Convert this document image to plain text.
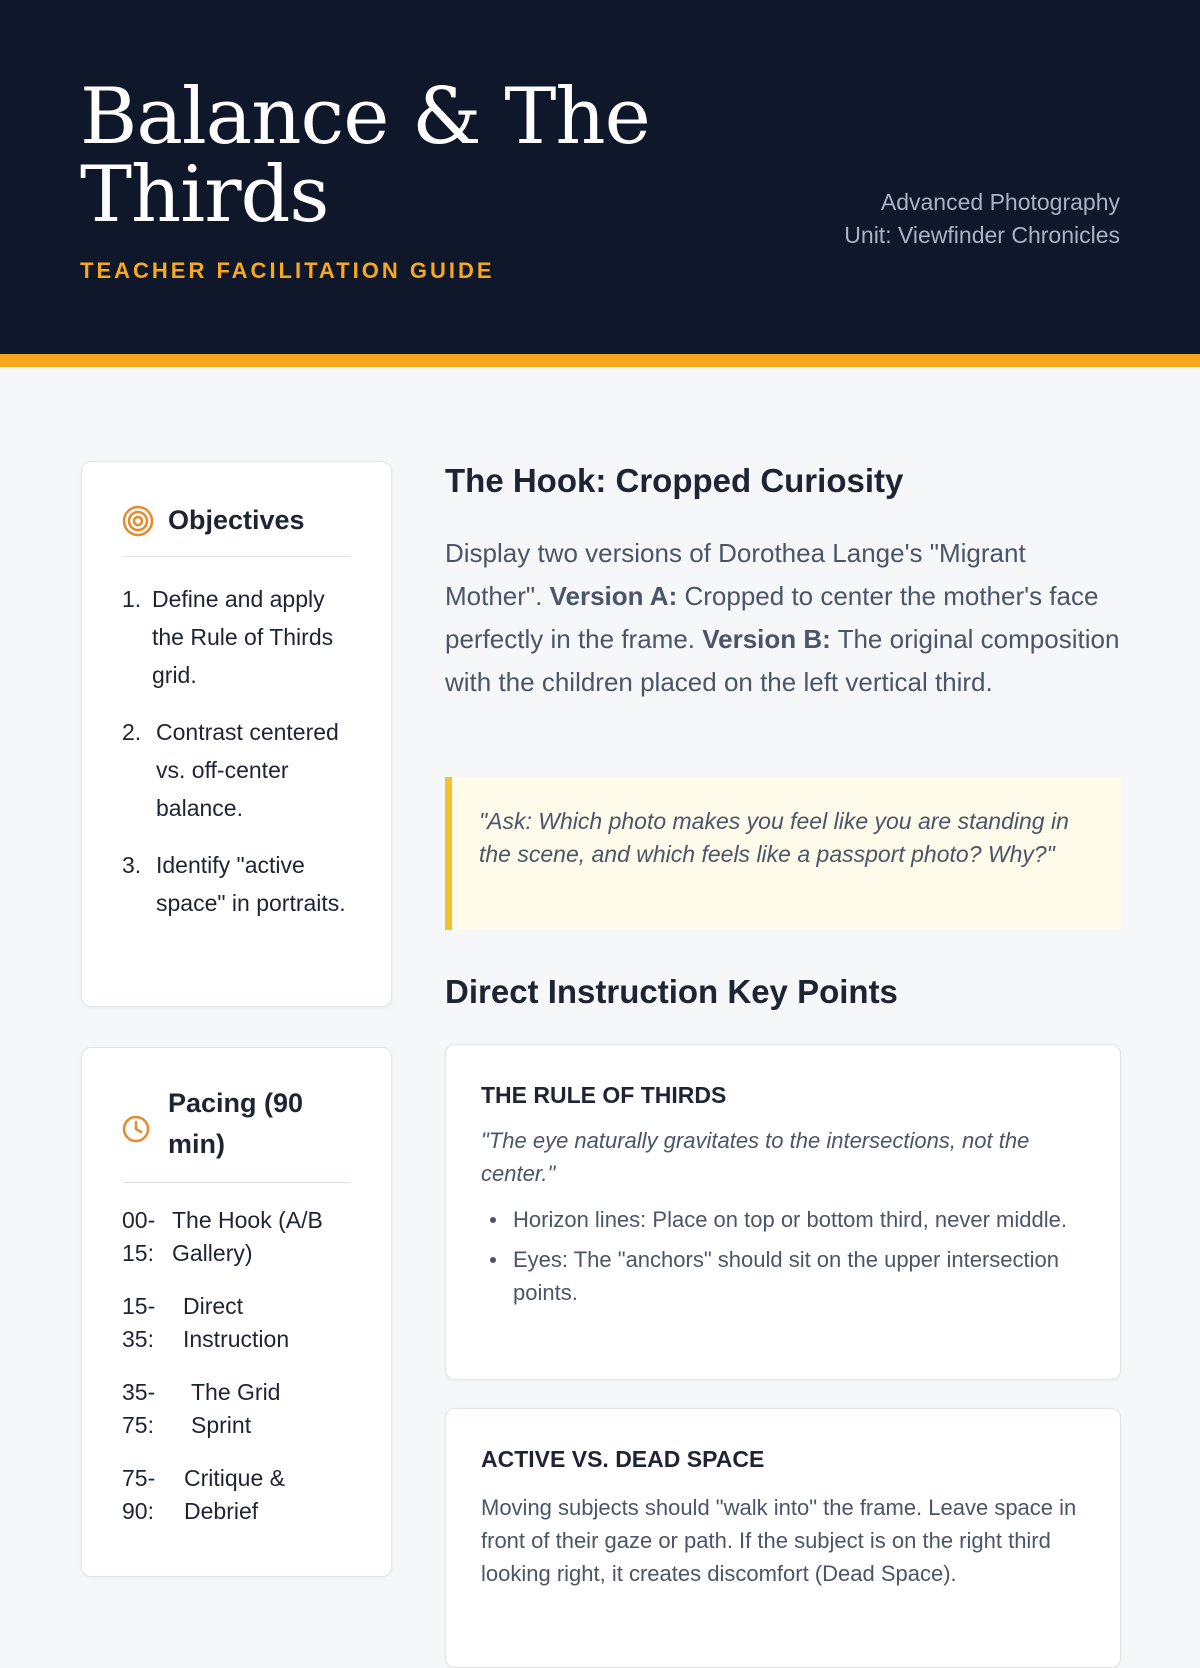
Balance & The Thirds
TEACHER FACILITATION GUIDE
Advanced Photography
Unit: Viewfinder Chronicles
Objectives
1. Define and apply the Rule of Thirds grid.
2. Contrast centered vs. off-center balance.
3. Identify "active space" in portraits.
Pacing (90 min)
00-15:
The Hook (A/B Gallery)
15-35:
Direct Instruction
35-75:
The Grid Sprint
75-90:
Critique & Debrief
The Hook: Cropped Curiosity

Display two versions of Dorothea Lange's "Migrant Mother". Version A: Cropped to center the mother's face perfectly in the frame. Version B: The original composition with the children placed on the left vertical third.

"Ask: Which photo makes you feel like you are standing in the scene, and which feels like a passport photo? Why?"
Direct Instruction Key Points
THE RULE OF THIRDS
"The eye naturally gravitates to the intersections, not the center."
Horizon lines: Place on top or bottom third, never middle.
Eyes: The "anchors" should sit on the upper intersection points.
ACTIVE VS. DEAD SPACE
Moving subjects should "walk into" the frame. Leave space in front of their gaze or path. If the subject is on the right third looking right, it creates discomfort (Dead Space).
